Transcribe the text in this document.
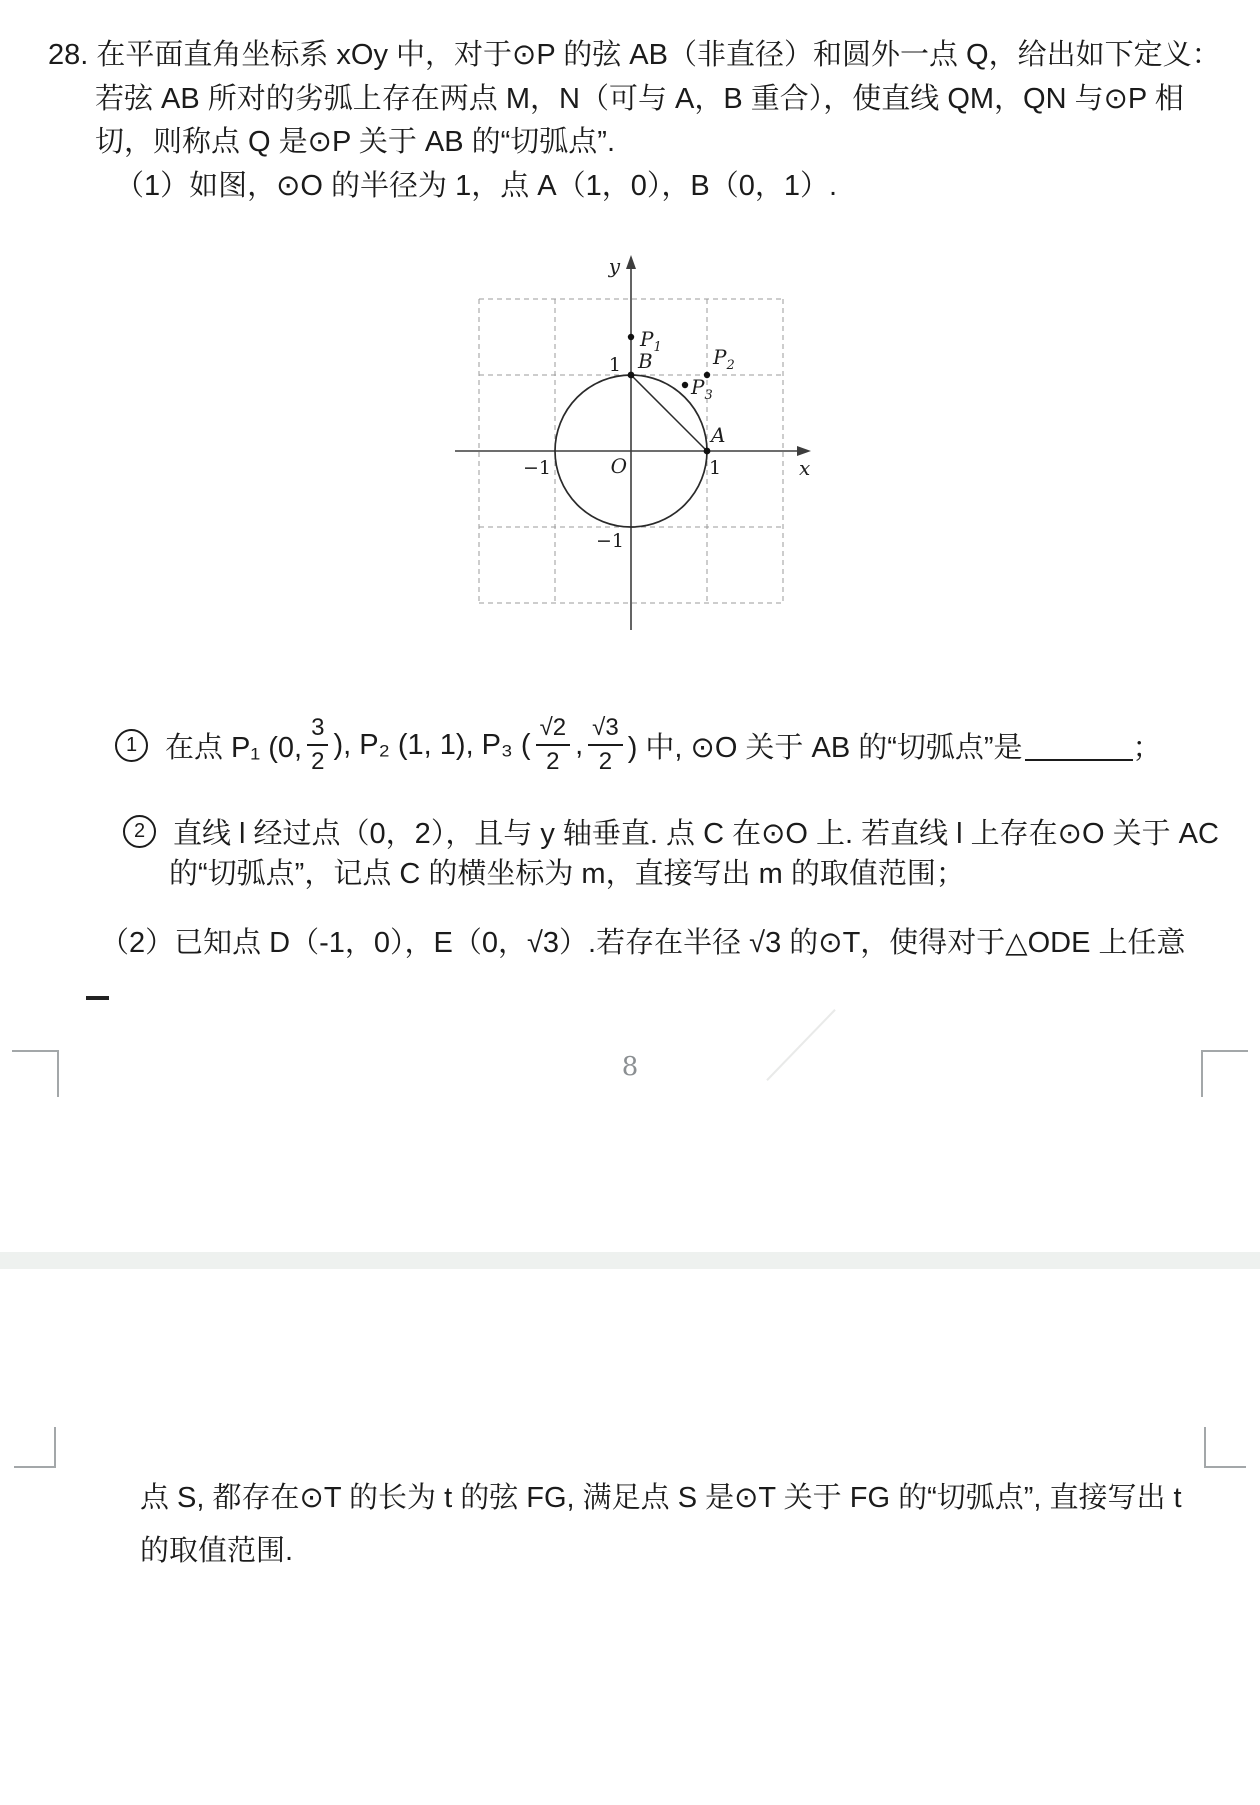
28. 在平面直角坐标系 xOy 中，对于⊙P 的弦 AB（非直径）和圆外一点 Q，给出如下定义：
若弦 AB 所对的劣弧上存在两点 M，N（可与 A，B 重合），使直线 QM，QN 与⊙P 相
切，则称点 Q 是⊙P 关于 AB 的“切弧点”.
（1）如图，⊙O 的半径为 1，点 A（1，0），B（0，1）.
y
x
O
1
−1	1
−1
$P_1$	$P_2$
$P_3$
B
A
1 在点 P₁ (0, $\frac{3}{2}$ ), P₂ (1, 1), P₃ ( $\frac{√2}{2}$ , $\frac{√3}{2}$ ) 中, ⊙O 关于 AB 的“切弧点”是	；
2 直线 l 经过点（0，2），且与 y 轴垂直. 点 C 在⊙O 上. 若直线 l 上存在⊙O 关于 AC
的“切弧点”，记点 C 的横坐标为 m，直接写出 m 的取值范围；
（2）已知点 D（-1，0），E（0，√3）.若存在半径 √3 的⊙T，使得对于△ODE 上任意
8
点 S, 都存在⊙T 的长为 t 的弦 FG, 满足点 S 是⊙T 关于 FG 的“切弧点”, 直接写出 t
的取值范围.
